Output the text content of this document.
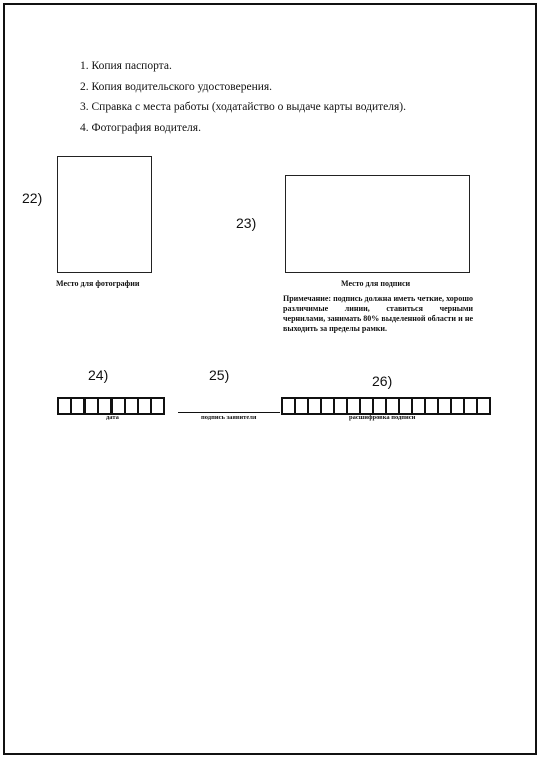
1. Копия паспорта.
2. Копия водительского удостоверения.
3. Справка с места работы (ходатайство о выдаче карты водителя).
4. Фотография водителя.
22)
Место для фотографии
23)
Место для подписи
Примечание: подпись должна иметь четкие, хорошо различимые линии, ставиться черными чернилами, занимать 80% выделенной области и не выходить за пределы рамки.
24)
дата
25)
подпись заявителя
26)
расшифровка подписи
